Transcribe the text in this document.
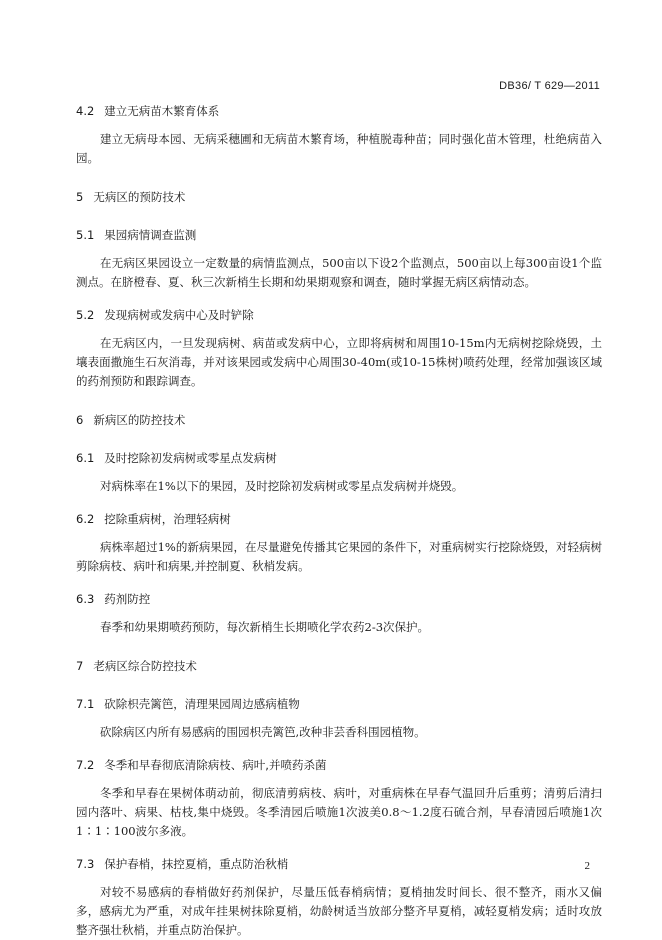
DB36/ T 629—2011
4.2 建立无病苗木繁育体系

建立无病母本园、无病采穗圃和无病苗木繁育场，种植脱毒种苗；同时强化苗木管理，杜绝病苗入园。

5 无病区的预防技术
5.1 果园病情调查监测

在无病区果园设立一定数量的病情监测点，500亩以下设2个监测点，500亩以上每300亩设1个监测点。在脐橙春、夏、秋三次新梢生长期和幼果期观察和调查，随时掌握无病区病情动态。

5.2 发现病树或发病中心及时铲除

在无病区内，一旦发现病树、病苗或发病中心，立即将病树和周围10-15m内无病树挖除烧毁，土壤表面撒施生石灰消毒，并对该果园或发病中心周围30-40m(或10-15株树)喷药处理，经常加强该区域的药剂预防和跟踪调查。

6 新病区的防控技术
6.1 及时挖除初发病树或零星点发病树

对病株率在1%以下的果园，及时挖除初发病树或零星点发病树并烧毁。

6.2 挖除重病树，治理轻病树

病株率超过1%的新病果园，在尽量避免传播其它果园的条件下，对重病树实行挖除烧毁，对轻病树剪除病枝、病叶和病果,并控制夏、秋梢发病。

6.3 药剂防控

春季和幼果期喷药预防，每次新梢生长期喷化学农药2-3次保护。

7 老病区综合防控技术
7.1 砍除枳壳篱笆，清理果园周边感病植物

砍除病区内所有易感病的围园枳壳篱笆,改种非芸香科围园植物。

7.2 冬季和早春彻底清除病枝、病叶,并喷药杀菌

冬季和早春在果树体萌动前，彻底清剪病枝、病叶，对重病株在早春气温回升后重剪；清剪后清扫园内落叶、病果、枯枝,集中烧毁。冬季清园后喷施1次波美0.8～1.2度石硫合剂，早春清园后喷施1次1∶1∶100波尔多液。

7.3 保护春梢，抹控夏梢，重点防治秋梢

对较不易感病的春梢做好药剂保护，尽量压低春梢病情；夏梢抽发时间长、很不整齐，雨水又偏多，感病尤为严重，对成年挂果树抹除夏梢，幼龄树适当放部分整齐早夏梢，减轻夏梢发病；适时攻放整齐强壮秋梢，并重点防治保护。

2
